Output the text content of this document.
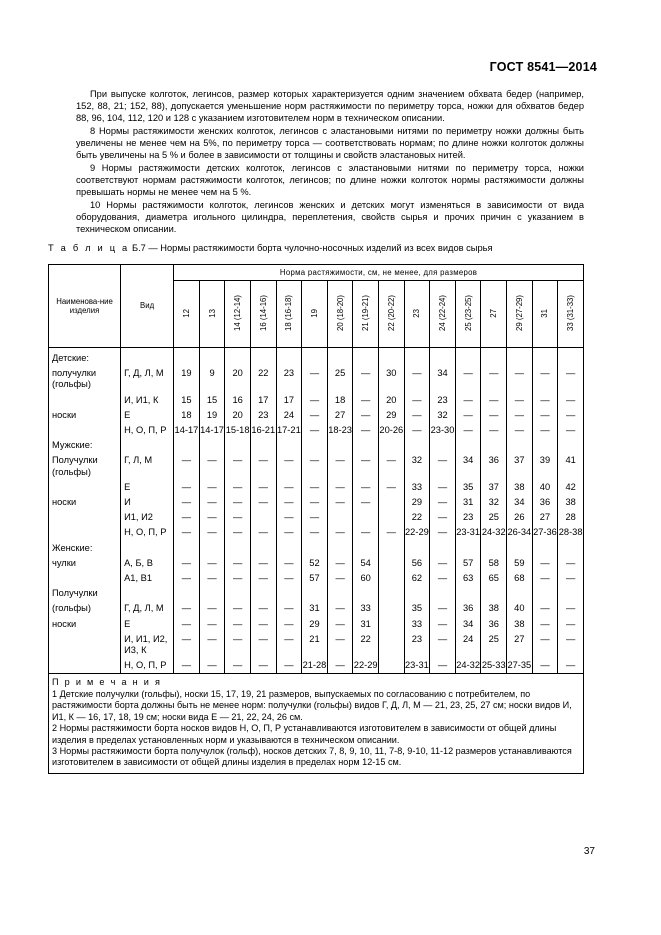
ГОСТ 8541—2014

При выпуске колготок, легинсов, размер которых характеризуется одним значением обхвата бедер (например, 152, 88, 21; 152, 88), допускается уменьшение норм растяжимости по периметру торса, ножки для обхватов бедер 88, 96, 104, 112, 120 и 128 с указанием изготовителем норм в техническом описании.

8 Нормы растяжимости женских колготок, легинсов с эластановыми нитями по периметру ножки должны быть увеличены не менее чем на 5%, по периметру торса — соответствовать нормам; по длине ножки колготок должны быть увеличены на 5 % и более в зависимости от толщины и свойств эластановых нитей.

9 Нормы растяжимости детских колготок, легинсов с эластановыми нитями по периметру торса, ножки соответствуют нормам растяжимости колготок, легинсов; по длине ножки колготок нормы растяжимости должны превышать нормы не менее чем на 5 %.

10 Нормы растяжимости колготок, легинсов женских и детских могут изменяться в зависимости от вида оборудования, диаметра игольного цилиндра, переплетения, свойств сырья и прочих причин с указанием в техническом описании.

Т а б л и ц а Б.7 — Нормы растяжимости борта чулочно-носочных изделий из всех видов сырья
Наименова-ние изделия	Вид	Норма растяжимости, см, не менее, для размеров															
		12	13	14 (12-14)	16 (14-16)	18 (16-18)	19	20 (18-20)	21 (19-21)	22 (20-22)	23	24 (22-24)	25 (23-25)	27	29 (27-29)	31	33 (31-33)
Детские:																	
получулки (гольфы)	Г, Д, Л, М	19	9	20	22	23	—	25	—	30	—	34	—	—	—	—	—
	И, И1, К	15	15	16	17	17	—	18	—	20	—	23	—	—	—	—	—
носки	Е	18	19	20	23	24	—	27	—	29	—	32	—	—	—	—	—
	Н, О, П, Р	14-17	14-17	15-18	16-21	17-21	—	18-23	—	20-26	—	23-30	—	—	—	—	—
Мужские:																	
Получулки (гольфы)	Г, Л, М	—	—	—	—	—	—	—	—	—	32	—	34	36	37	39	41
	Е	—	—	—	—	—	—	—	—	—	33	—	35	37	38	40	42
носки	И	—	—	—	—	—	—	—	—		29	—	31	32	34	36	38
	И1, И2	—	—	—		—	—				22	—	23	25	26	27	28
	Н, О, П, Р	—	—	—	—	—	—	—	—	—	22-29	—	23-31	24-32	26-34	27-36	28-38
Женские:																	
чулки	А, Б, В	—	—	—	—	—	52	—	54		56	—	57	58	59	—	—
	А1, В1	—	—	—	—	—	57	—	60		62	—	63	65	68	—	—
Получулки																	
(гольфы)	Г, Д, Л, М	—	—	—	—	—	31	—	33		35	—	36	38	40	—	—
носки	Е	—	—	—	—	—	29	—	31		33	—	34	36	38	—	—
	И, И1, И2, И3, К	—	—	—	—	—	21	—	22		23	—	24	25	27	—	—
	Н, О, П, Р	—	—	—	—	—	21-28	—	22-29		23-31	—	24-32	25-33	27-35	—	—

П р и м е ч а н и я

1 Детские получулки (гольфы), носки 15, 17, 19, 21 размеров, выпускаемых по согласованию с потребителем, по растяжимости борта должны быть не менее норм: получулки (гольфы) видов Г, Д, Л, М — 21, 23, 25, 27 см; носки видов И, И1, К — 16, 17, 18, 19 см; носки вида Е — 21, 22, 24, 26 см.

2 Нормы растяжимости борта носков видов Н, О, П, Р устанавливаются изготовителем в зависимости от общей длины изделия в пределах установленных норм и указываются в техническом описании.

3 Нормы растяжимости борта получулок (гольф), носков детских 7, 8, 9, 10, 11, 7-8, 9-10, 11-12 размеров устанавливаются изготовителем в зависимости от общей длины изделия в пределах норм 12-15 см.																	

37
